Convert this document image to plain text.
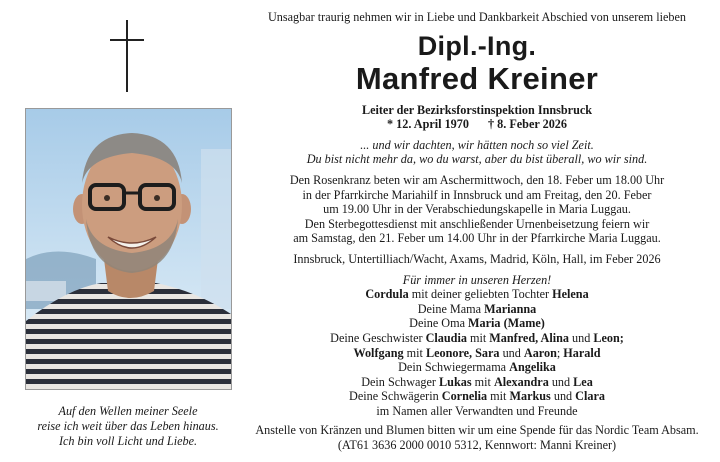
Auf den Wellen meiner Seele
reise ich weit über das Leben hinaus.
Ich bin voll Licht und Liebe.
Unsagbar traurig nehmen wir in Liebe und Dankbarkeit Abschied von unserem lieben
Dipl.-Ing.
Manfred Kreiner
Leiter der Bezirksforstinspektion Innsbruck
* 12. April 1970 † 8. Feber 2026
... und wir dachten, wir hätten noch so viel Zeit.
Du bist nicht mehr da, wo du warst, aber du bist überall, wo wir sind.
Den Rosenkranz beten wir am Aschermittwoch, den 18. Feber um 18.00 Uhr
in der Pfarrkirche Mariahilf in Innsbruck und am Freitag, den 20. Feber
um 19.00 Uhr in der Verabschiedungskapelle in Maria Luggau.
Den Sterbegottesdienst mit anschließender Urnenbeisetzung feiern wir
am Samstag, den 21. Feber um 14.00 Uhr in der Pfarrkirche Maria Luggau.
Innsbruck, Untertilliach/Wacht, Axams, Madrid, Köln, Hall, im Feber 2026
Für immer in unseren Herzen!
Cordula mit deiner geliebten Tochter Helena
Deine Mama Marianna
Deine Oma Maria (Mame)
Deine Geschwister Claudia mit Manfred, Alina und Leon;
Wolfgang mit Leonore, Sara und Aaron; Harald
Dein Schwiegermama Angelika
Dein Schwager Lukas mit Alexandra und Lea
Deine Schwägerin Cornelia mit Markus und Clara
im Namen aller Verwandten und Freunde
Anstelle von Kränzen und Blumen bitten wir um eine Spende für das Nordic Team Absam.
(AT61 3636 2000 0010 5312, Kennwort: Manni Kreiner)
